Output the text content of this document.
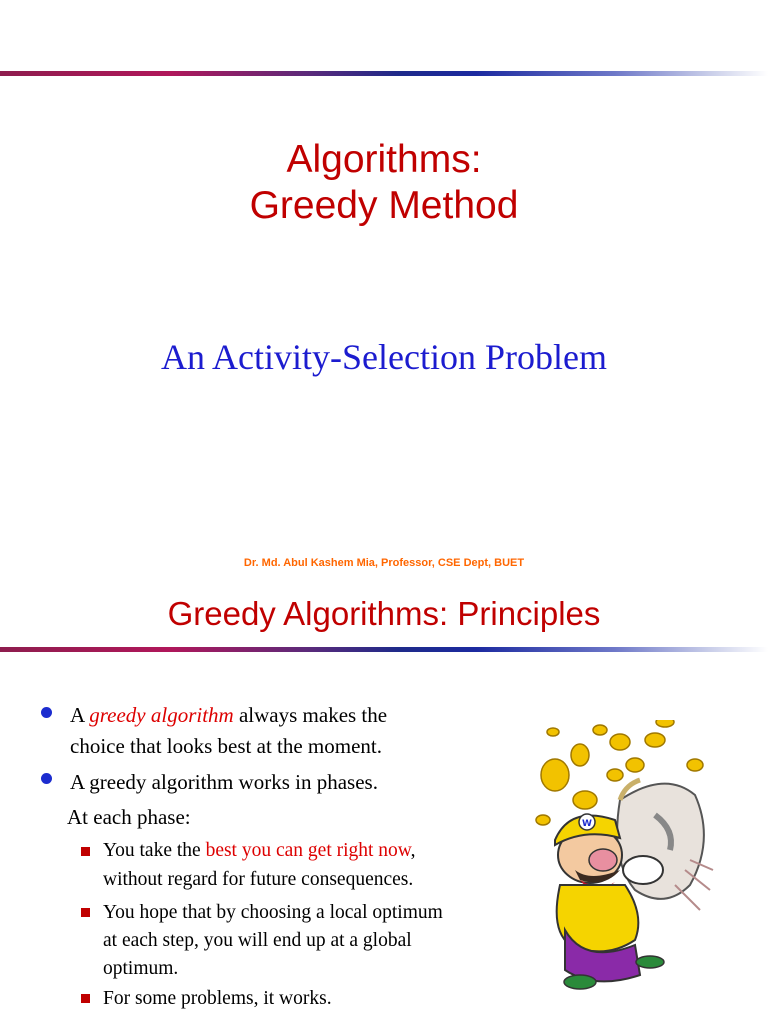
Algorithms:
Greedy Method
An Activity-Selection Problem
Dr. Md. Abul Kashem Mia, Professor, CSE Dept, BUET
Greedy Algorithms: Principles
A greedy algorithm always makes the
choice that looks best at the moment.
A greedy algorithm works in phases.
At each phase:
You take the best you can get right now,
without regard for future consequences.
You hope that by choosing a local optimum
at each step, you will end up at a global
optimum.
For some problems, it works.
W
